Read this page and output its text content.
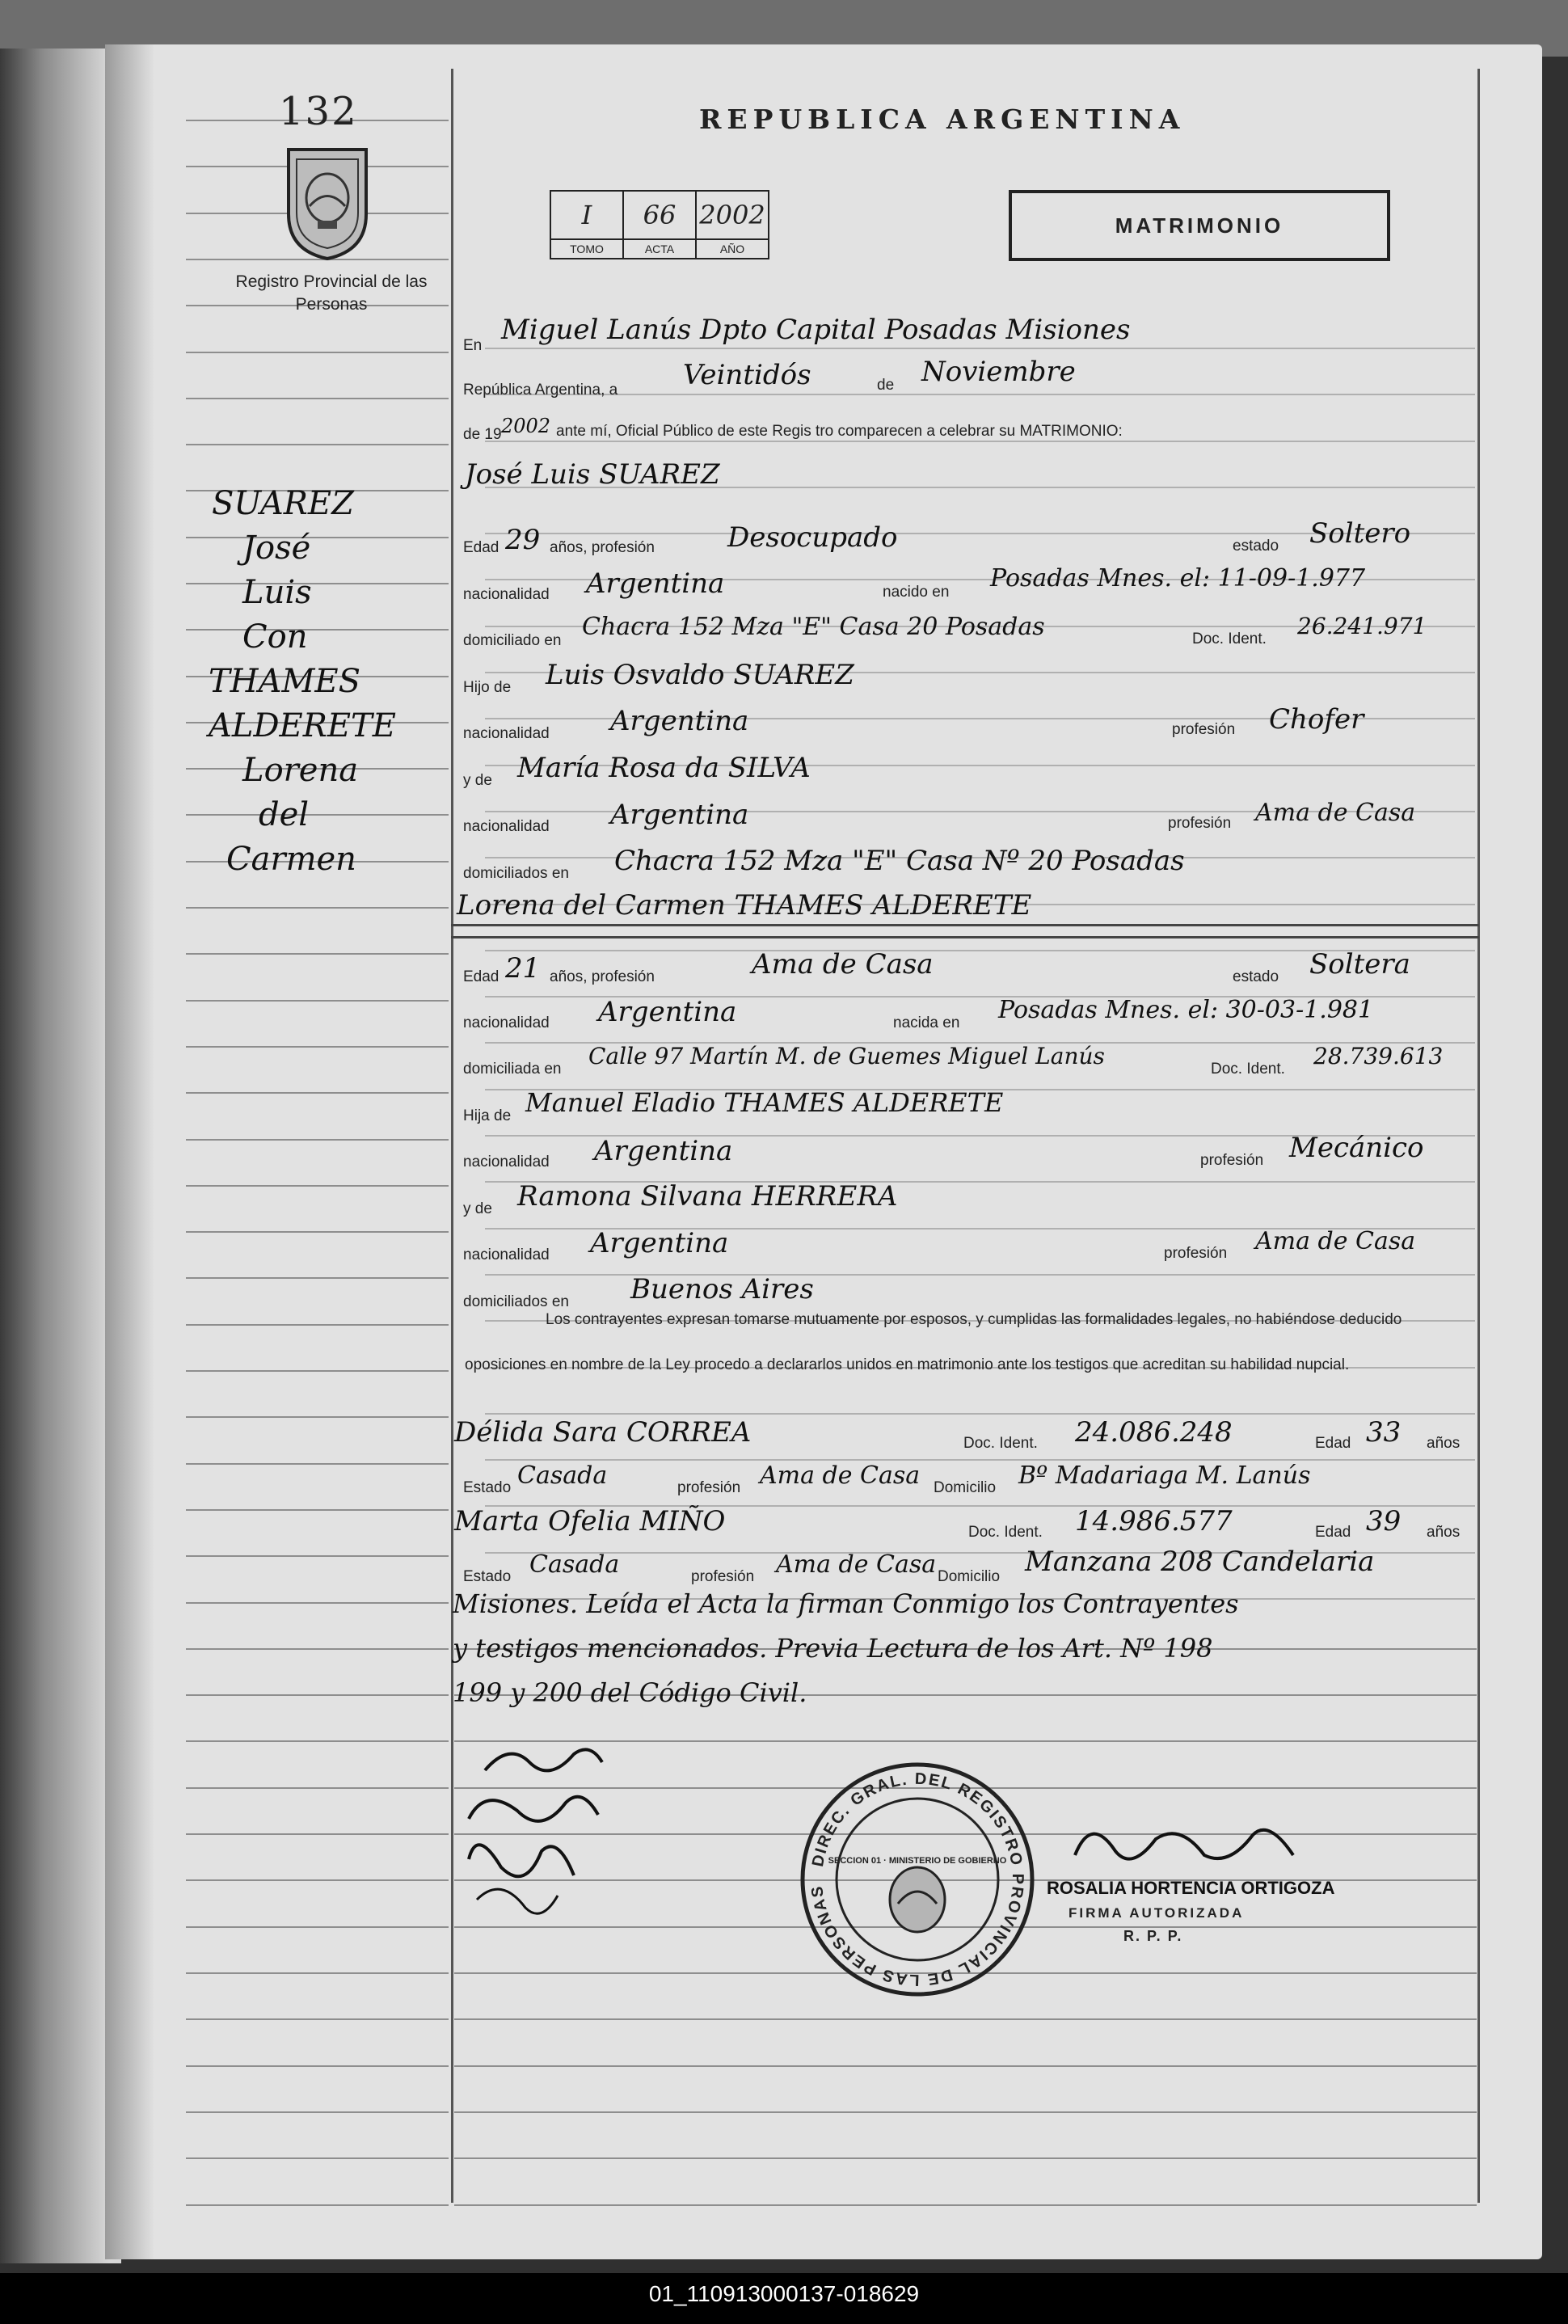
132
Registro Provincial de las Personas
REPUBLICA ARGENTINA
I	66	2002
TOMO	ACTA	AÑO
MATRIMONIO
En Miguel Lanús Dpto Capital Posadas Misiones
República Argentina, a Veintidós	de Noviembre
de 19 2002 ante mí, Oficial Público de este Regis tro comparecen a celebrar su MATRIMONIO:
SUAREZ
José
Luis
Con
THAMES
ALDERETE
Lorena
del
Carmen
José Luis SUAREZ
Edad 29 años, profesión	Desocupado	estado Soltero
nacionalidad Argentina	nacido en Posadas Mnes. el: 11-09-1.977
domiciliado en Chacra 152 Mza "E" Casa 20 Posadas	Doc. Ident. 26.241.971
Hijo de Luis Osvaldo SUAREZ
nacionalidad Argentina	profesión Chofer
y de María Rosa da SILVA
nacionalidad Argentina	profesión Ama de Casa
domiciliados en Chacra 152 Mza "E" Casa Nº 20 Posadas
Lorena del Carmen THAMES ALDERETE
Edad 21 años, profesión	Ama de Casa	estado Soltera
nacionalidad Argentina	nacida en Posadas Mnes. el: 30-03-1.981
domiciliada en Calle 97 Martín M. de Guemes Miguel Lanús	Doc. Ident. 28.739.613
Hija de Manuel Eladio THAMES ALDERETE
nacionalidad Argentina	profesión Mecánico
y de Ramona Silvana HERRERA
nacionalidad Argentina	profesión Ama de Casa
domiciliados en Buenos Aires
Los contrayentes expresan tomarse mutuamente por esposos, y cumplidas las formalidades legales, no habiéndose deducido oposiciones en nombre de la Ley procedo a declararlos unidos en matrimonio ante los testigos que acreditan su habilidad nupcial.
Délida Sara CORREA	Doc. Ident. 24.086.248	Edad 33 años
Estado Casada	profesión Ama de Casa Domicilio Bº Madariaga M. Lanús
Marta Ofelia MIÑO	Doc. Ident. 14.986.577	Edad 39 años
Estado Casada	profesión Ama de Casa Domicilio Manzana 208 Candelaria
Misiones. Leída el Acta la firman Conmigo los Contrayentes
y testigos mencionados. Previa Lectura de los Art. Nº 198
199 y 200 del Código Civil.
DIREC. GRAL. DEL REGISTRO PROVINCIAL DE LAS PERSONAS
SECCION 01 · MINISTERIO DE GOBIERNO
ROSALIA HORTENCIA ORTIGOZA
FIRMA AUTORIZADA
R. P. P.
01_110913000137-018629
